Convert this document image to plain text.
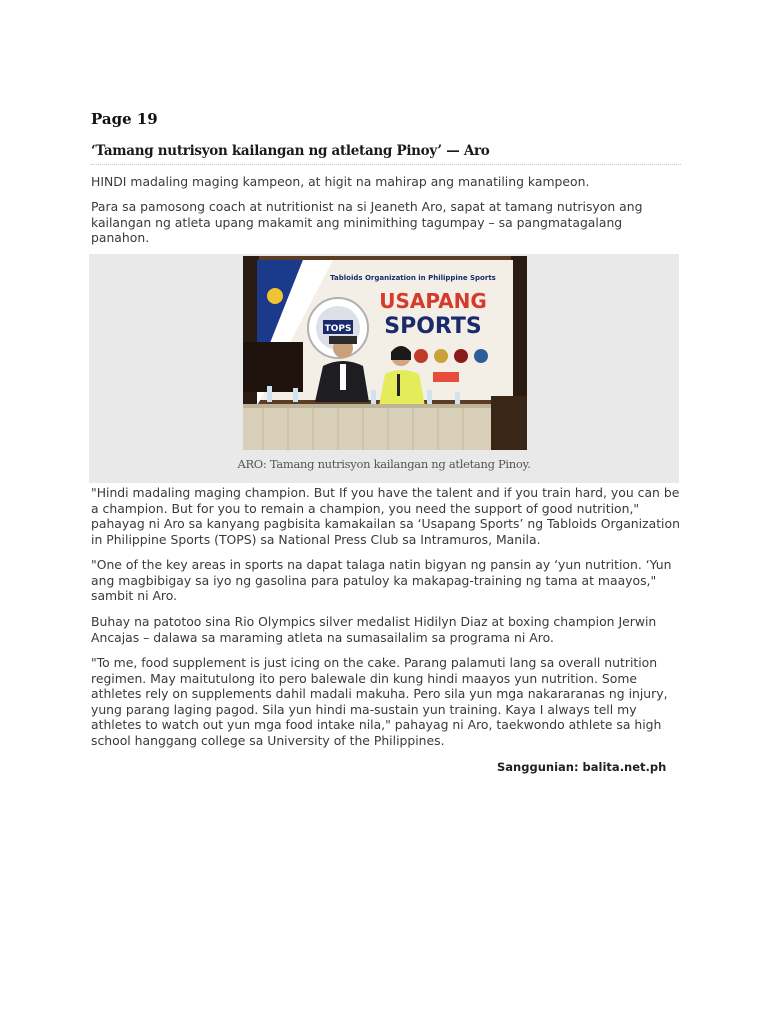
Page 19
‘Tamang nutrisyon kailangan ng atletang Pinoy’ — Aro

HINDI madaling maging kampeon, at higit na mahirap ang manatiling kampeon.

Para sa pamosong coach at nutritionist na si Jeaneth Aro, sapat at tamang nutrisyon ang kailangan ng atleta upang makamit ang minimithing tagumpay – sa pangmatagalang panahon.

TOPS
Tabloids Organization in Philippine Sports
USAPANG
SPORTS
ARO: Tamang nutrisyon kailangan ng atletang Pinoy.

"Hindi madaling maging champion. But If you have the talent and if you train hard, you can be a champion. But for you to remain a champion, you need the support of good nutrition," pahayag ni Aro sa kanyang pagbisita kamakailan sa ‘Usapang Sports’ ng Tabloids Organization in Philippine Sports (TOPS) sa National Press Club sa Intramuros, Manila.

"One of the key areas in sports na dapat talaga natin bigyan ng pansin ay ‘yun nutrition. ‘Yun ang magbibigay sa iyo ng gasolina para patuloy ka makapag-training ng tama at maayos," sambit ni Aro.

Buhay na patotoo sina Rio Olympics silver medalist Hidilyn Diaz at boxing champion Jerwin Ancajas – dalawa sa maraming atleta na sumasailalim sa programa ni Aro.

"To me, food supplement is just icing on the cake. Parang palamuti lang sa overall nutrition regimen. May maitutulong ito pero balewale din kung hindi maayos yun nutrition. Some athletes rely on supplements dahil madali makuha. Pero sila yun mga nakararanas ng injury, yung parang laging pagod. Sila yun hindi ma-sustain yun training. Kaya I always tell my athletes to watch out yun mga food intake nila," pahayag ni Aro, taekwondo athlete sa high school hanggang college sa University of the Philippines.

Sanggunian: balita.net.ph
